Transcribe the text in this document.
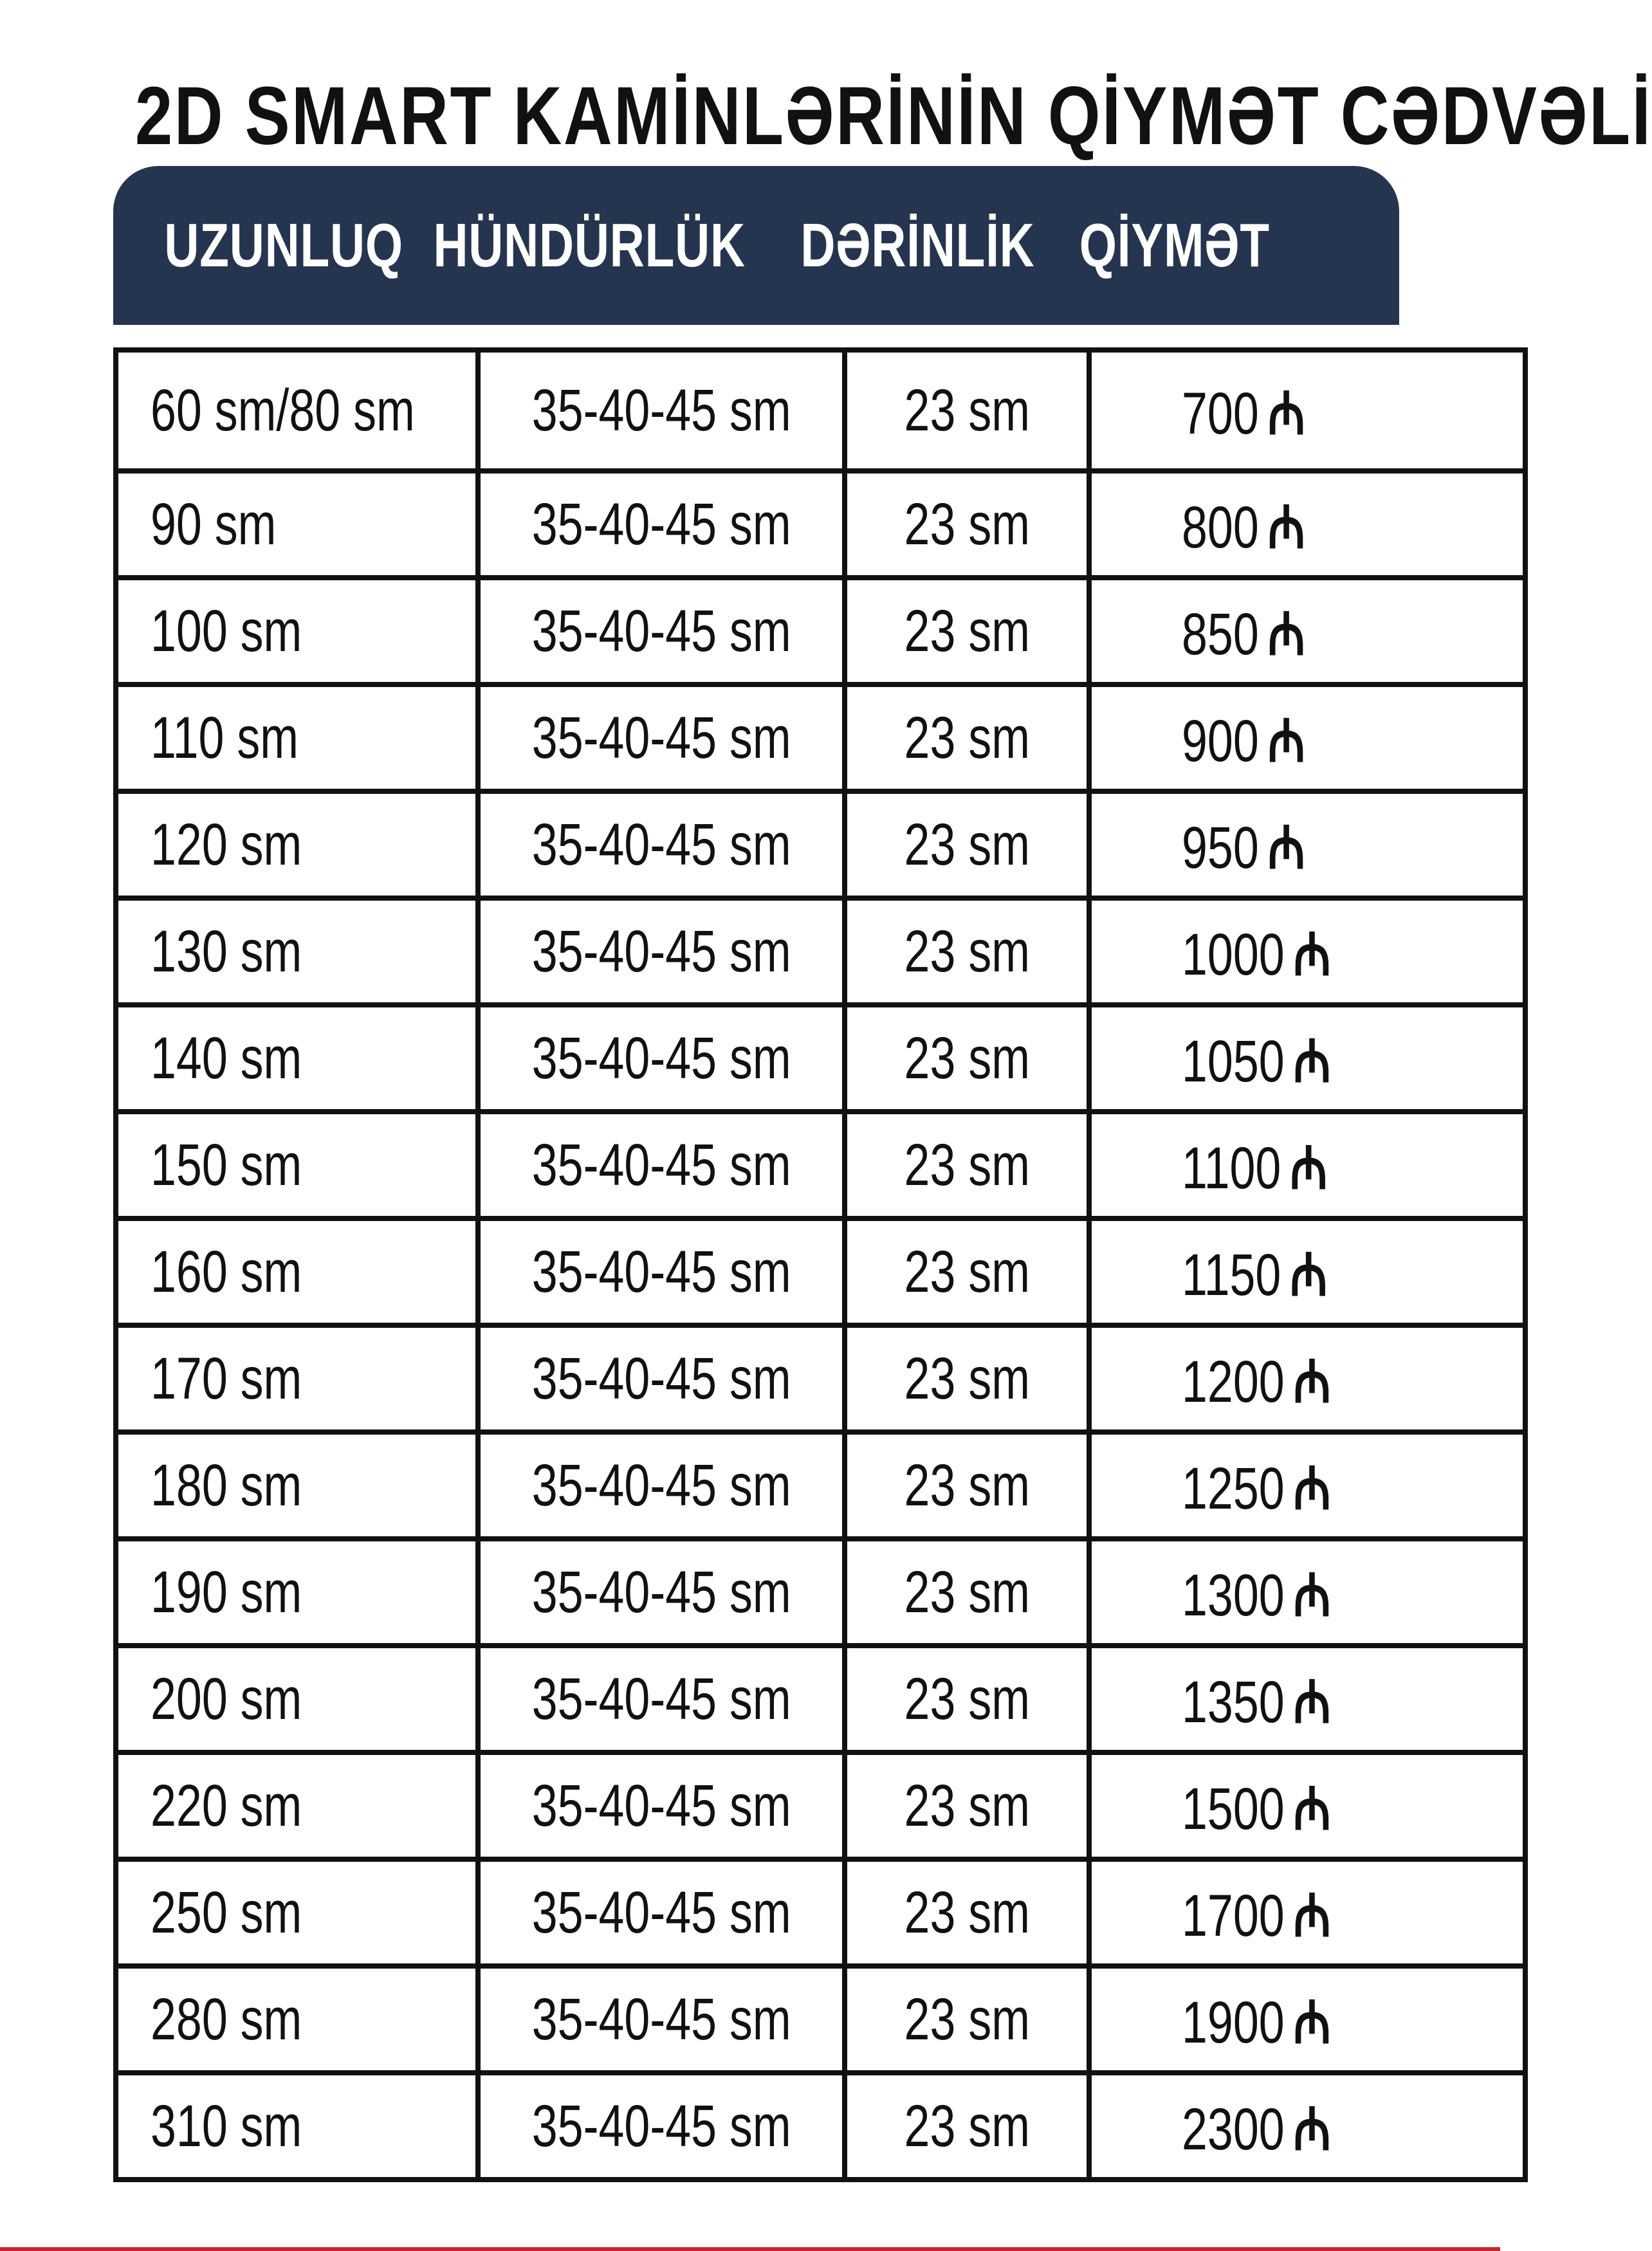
2D SMART KAMİNLƏRİNİN QİYMƏT CƏDVƏLİ
UZUNLUQ HÜNDÜRLÜK DƏRİNLİK QİYMƏT
60 sm/80 sm	35-40-45 sm	23 sm	700 ₼
90 sm	35-40-45 sm	23 sm	800 ₼
100 sm	35-40-45 sm	23 sm	850 ₼
110 sm	35-40-45 sm	23 sm	900 ₼
120 sm	35-40-45 sm	23 sm	950 ₼
130 sm	35-40-45 sm	23 sm	1000 ₼
140 sm	35-40-45 sm	23 sm	1050 ₼
150 sm	35-40-45 sm	23 sm	1100 ₼
160 sm	35-40-45 sm	23 sm	1150 ₼
170 sm	35-40-45 sm	23 sm	1200 ₼
180 sm	35-40-45 sm	23 sm	1250 ₼
190 sm	35-40-45 sm	23 sm	1300 ₼
200 sm	35-40-45 sm	23 sm	1350 ₼
220 sm	35-40-45 sm	23 sm	1500 ₼
250 sm	35-40-45 sm	23 sm	1700 ₼
280 sm	35-40-45 sm	23 sm	1900 ₼
310 sm	35-40-45 sm	23 sm	2300 ₼
